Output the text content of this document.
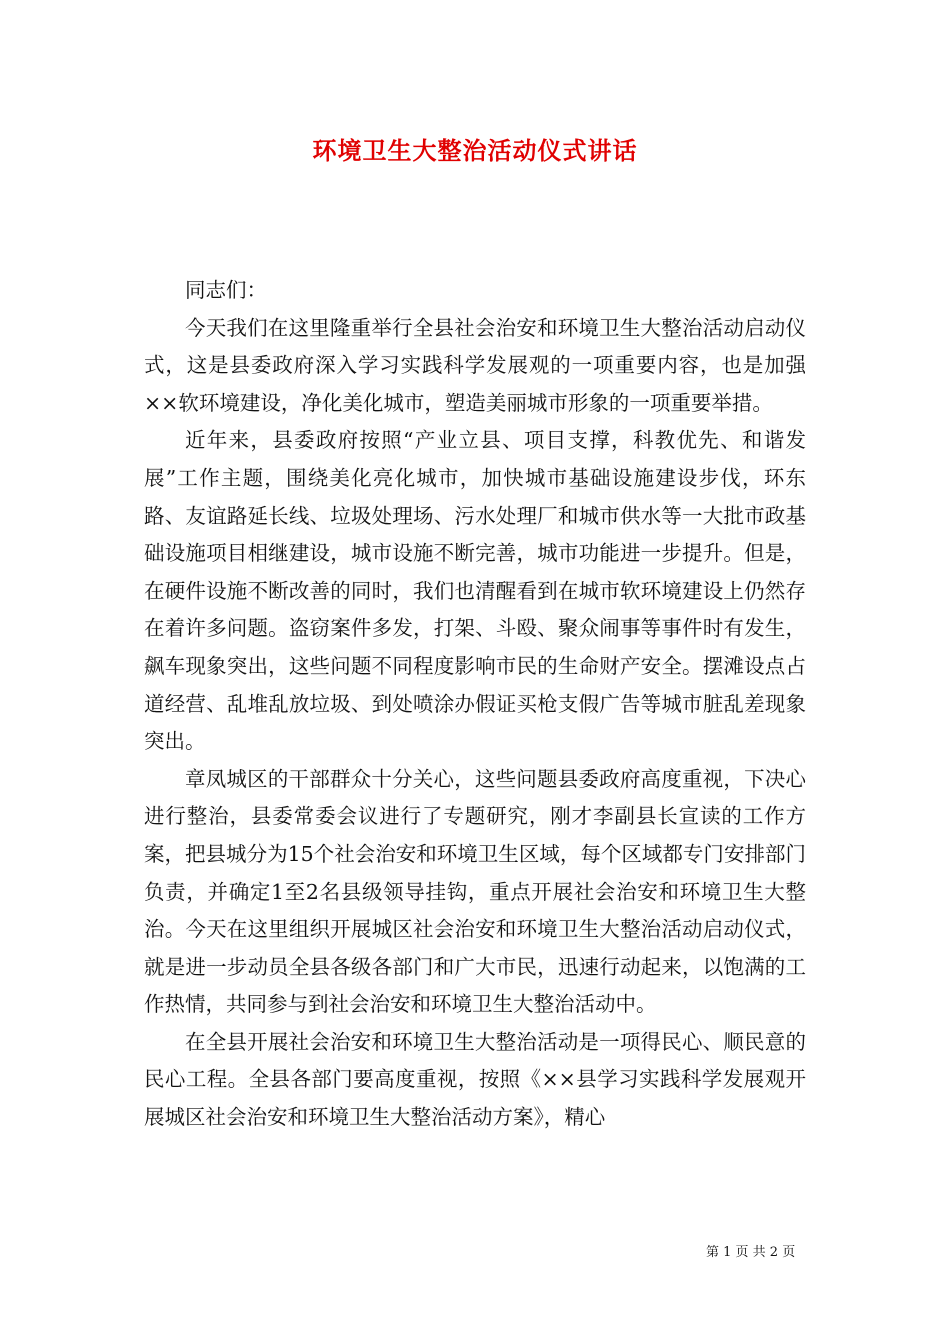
环境卫生大整治活动仪式讲话

同志们：

今天我们在这里隆重举行全县社会治安和环境卫生大整治活动启动仪式，这是县委政府深入学习实践科学发展观的一项重要内容，也是加强××软环境建设，净化美化城市，塑造美丽城市形象的一项重要举措。

近年来，县委政府按照“产业立县、项目支撑，科教优先、和谐发展”工作主题，围绕美化亮化城市，加快城市基础设施建设步伐，环东路、友谊路延长线、垃圾处理场、污水处理厂和城市供水等一大批市政基础设施项目相继建设，城市设施不断完善，城市功能进一步提升。但是，在硬件设施不断改善的同时，我们也清醒看到在城市软环境建设上仍然存在着许多问题。盗窃案件多发，打架、斗殴、聚众闹事等事件时有发生，飙车现象突出，这些问题不同程度影响市民的生命财产安全。摆滩设点占道经营、乱堆乱放垃圾、到处喷涂办假证买枪支假广告等城市脏乱差现象突出。

章凤城区的干部群众十分关心，这些问题县委政府高度重视，下决心进行整治，县委常委会议进行了专题研究，刚才李副县长宣读的工作方案，把县城分为15个社会治安和环境卫生区域，每个区域都专门安排部门负责，并确定1至2名县级领导挂钩，重点开展社会治安和环境卫生大整治。今天在这里组织开展城区社会治安和环境卫生大整治活动启动仪式，就是进一步动员全县各级各部门和广大市民，迅速行动起来，以饱满的工作热情，共同参与到社会治安和环境卫生大整治活动中。

在全县开展社会治安和环境卫生大整治活动是一项得民心、顺民意的民心工程。全县各部门要高度重视，按照《××县学习实践科学发展观开展城区社会治安和环境卫生大整治活动方案》，精心

第 1 页 共 2 页
